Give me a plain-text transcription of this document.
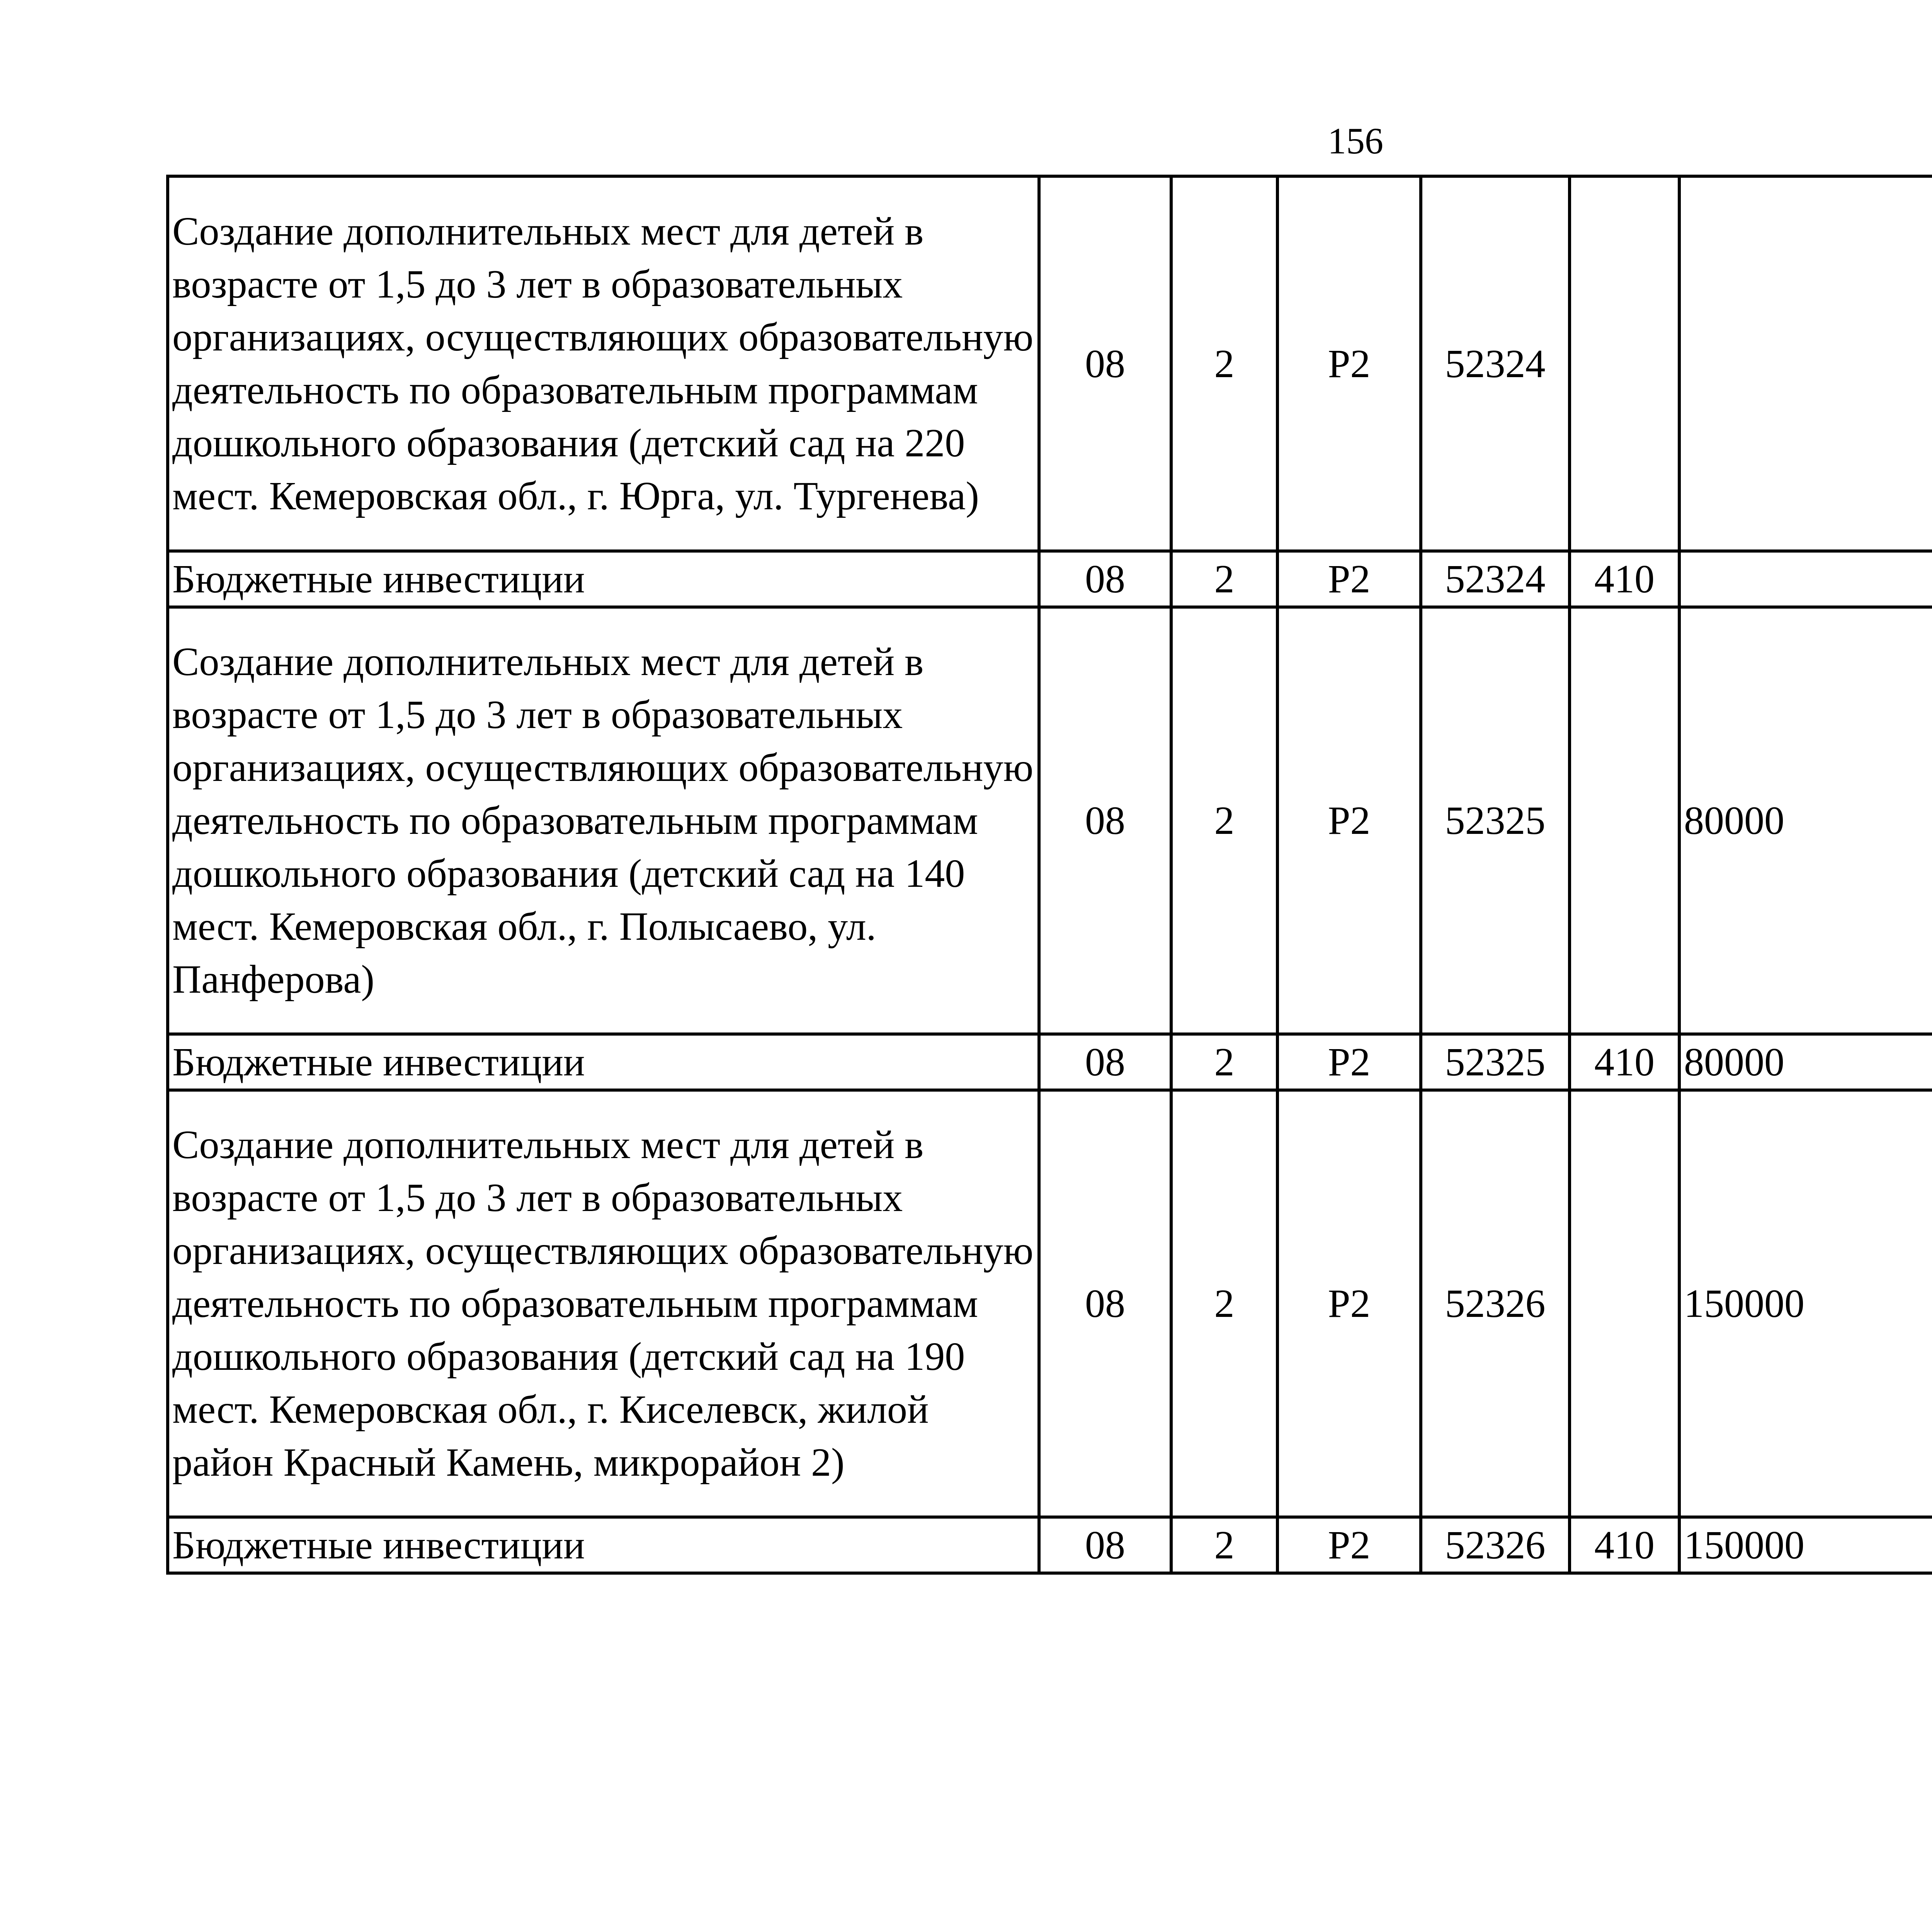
156
Создание дополнительных мест для детей в возрасте от 1,5 до 3 лет в образовательных организациях, осуществляющих образовательную деятельность по образовательным программам дошкольного образования (детский сад на 220 мест. Кемеровская обл., г. Юрга, ул. Тургенева)	08	2	Р2	52324				
Бюджетные инвестиции	08	2	Р2	52324	410			
Создание дополнительных мест для детей в возрасте от 1,5 до 3 лет в образовательных организациях, осуществляющих образовательную деятельность по образовательным программам дошкольного образования (детский сад на 140 мест. Кемеровская обл., г. Полысаево, ул. Панферова)	08	2	Р2	52325		80000		
Бюджетные инвестиции	08	2	Р2	52325	410	80000		
Создание дополнительных мест для детей в возрасте от 1,5 до 3 лет в образовательных организациях, осуществляющих образовательную деятельность по образовательным программам дошкольного образования (детский сад на 190 мест. Кемеровская обл., г. Киселевск, жилой район Красный Камень, микрорайон 2)	08	2	Р2	52326		150000		
Бюджетные инвестиции	08	2	Р2	52326	410	150000		
